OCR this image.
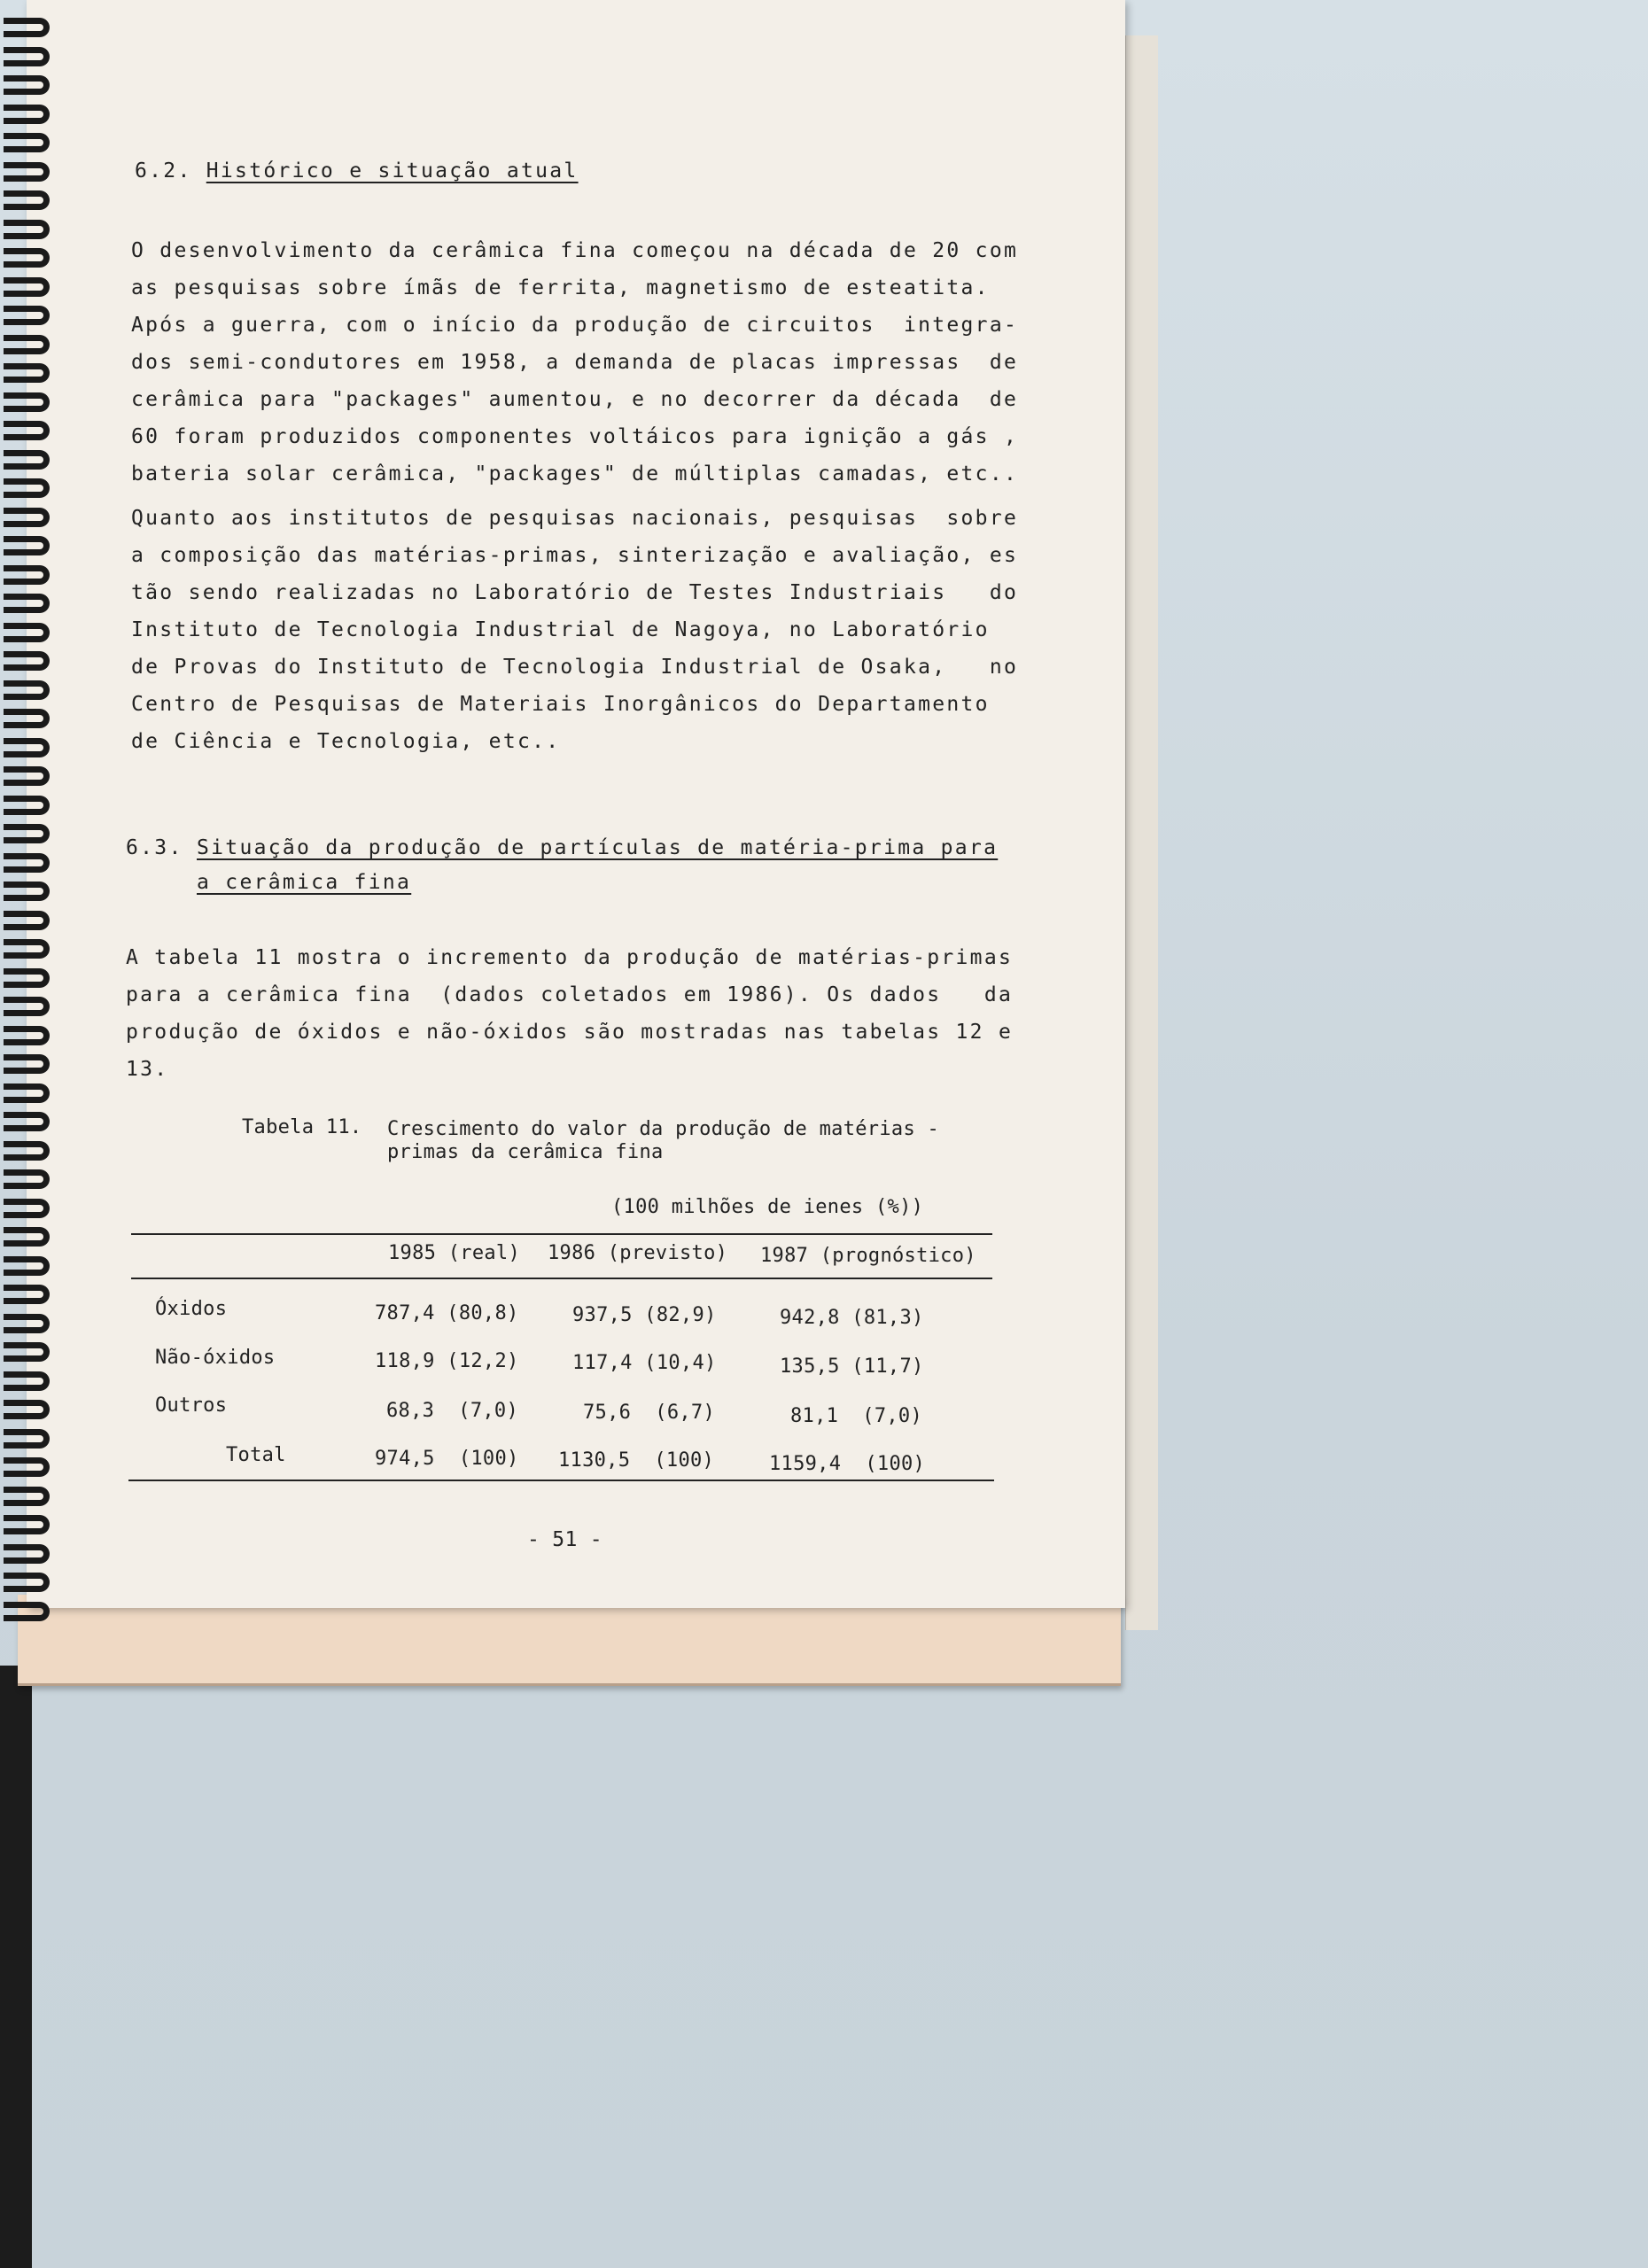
6.2. Histórico e situação atual
O desenvolvimento da cerâmica fina começou na década de 20 com
as pesquisas sobre ímãs de ferrita, magnetismo de esteatita.
Após a guerra, com o início da produção de circuitos  integra-
dos semi-condutores em 1958, a demanda de placas impressas  de
cerâmica para "packages" aumentou, e no decorrer da década  de
60 foram produzidos componentes voltáicos para ignição a gás ,
bateria solar cerâmica, "packages" de múltiplas camadas, etc..
Quanto aos institutos de pesquisas nacionais, pesquisas  sobre
a composição das matérias-primas, sinterização e avaliação, es
tão sendo realizadas no Laboratório de Testes Industriais   do
Instituto de Tecnologia Industrial de Nagoya, no Laboratório
de Provas do Instituto de Tecnologia Industrial de Osaka,   no
Centro de Pesquisas de Materiais Inorgânicos do Departamento
de Ciência e Tecnologia, etc..
6.3. Situação da produção de partículas de matéria-prima para
a cerâmica fina
A tabela 11 mostra o incremento da produção de matérias-primas
para a cerâmica fina  (dados coletados em 1986). Os dados   da
produção de óxidos e não-óxidos são mostradas nas tabelas 12 e
13.
Tabela 11. Crescimento do valor da produção de matérias -
primas da cerâmica fina
(100 milhões de ienes (%))
1985 (real) 1986 (previsto) 1987 (prognóstico)
Óxidos	787,4 (80,8)	937,5 (82,9)	942,8 (81,3)
Não-óxidos	118,9 (12,2)	117,4 (10,4)	135,5 (11,7)
Outros	68,3  (7,0)	75,6  (6,7)	81,1  (7,0)
Total	974,5  (100) 1130,5  (100)	1159,4  (100)
- 51 -
